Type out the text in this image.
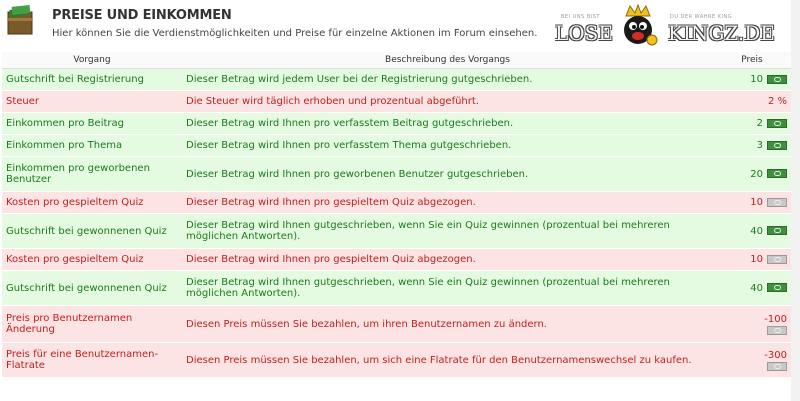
PREISE UND EINKOMMEN
Hier können Sie die Verdienstmöglichkeiten und Preise für einzelne Aktionen im Forum einsehen.
BEI UNS BIST
LOSE
DU DER WAHRE KING
KINGZ.DE
Vorgang	Beschreibung des Vorgangs	Preis
Gutschrift bei Registrierung	Dieser Betrag wird jedem User bei der Registrierung gutgeschrieben.	10
Steuer	Die Steuer wird täglich erhoben und prozentual abgeführt.	2 %
Einkommen pro Beitrag	Dieser Betrag wird Ihnen pro verfasstem Beitrag gutgeschrieben.	2
Einkommen pro Thema	Dieser Betrag wird Ihnen pro verfasstem Thema gutgeschrieben.	3
Einkommen pro geworbenen Benutzer	Dieser Betrag wird Ihnen pro geworbenen Benutzer gutgeschrieben.	20
Kosten pro gespieltem Quiz	Dieser Betrag wird Ihnen pro gespieltem Quiz abgezogen.	10
Gutschrift bei gewonnenen Quiz	Dieser Betrag wird Ihnen gutgeschrieben, wenn Sie ein Quiz gewinnen (prozentual bei mehreren möglichen Antworten).	40
Kosten pro gespieltem Quiz	Dieser Betrag wird Ihnen pro gespieltem Quiz abgezogen.	10
Gutschrift bei gewonnenen Quiz	Dieser Betrag wird Ihnen gutgeschrieben, wenn Sie ein Quiz gewinnen (prozentual bei mehreren möglichen Antworten).	40
Preis pro Benutzernamen Änderung	Diesen Preis müssen Sie bezahlen, um ihren Benutzernamen zu ändern.	-100

Preis für eine Benutzernamen-Flatrate	Diesen Preis müssen Sie bezahlen, um sich eine Flatrate für den Benutzernamenswechsel zu kaufen.	-300
